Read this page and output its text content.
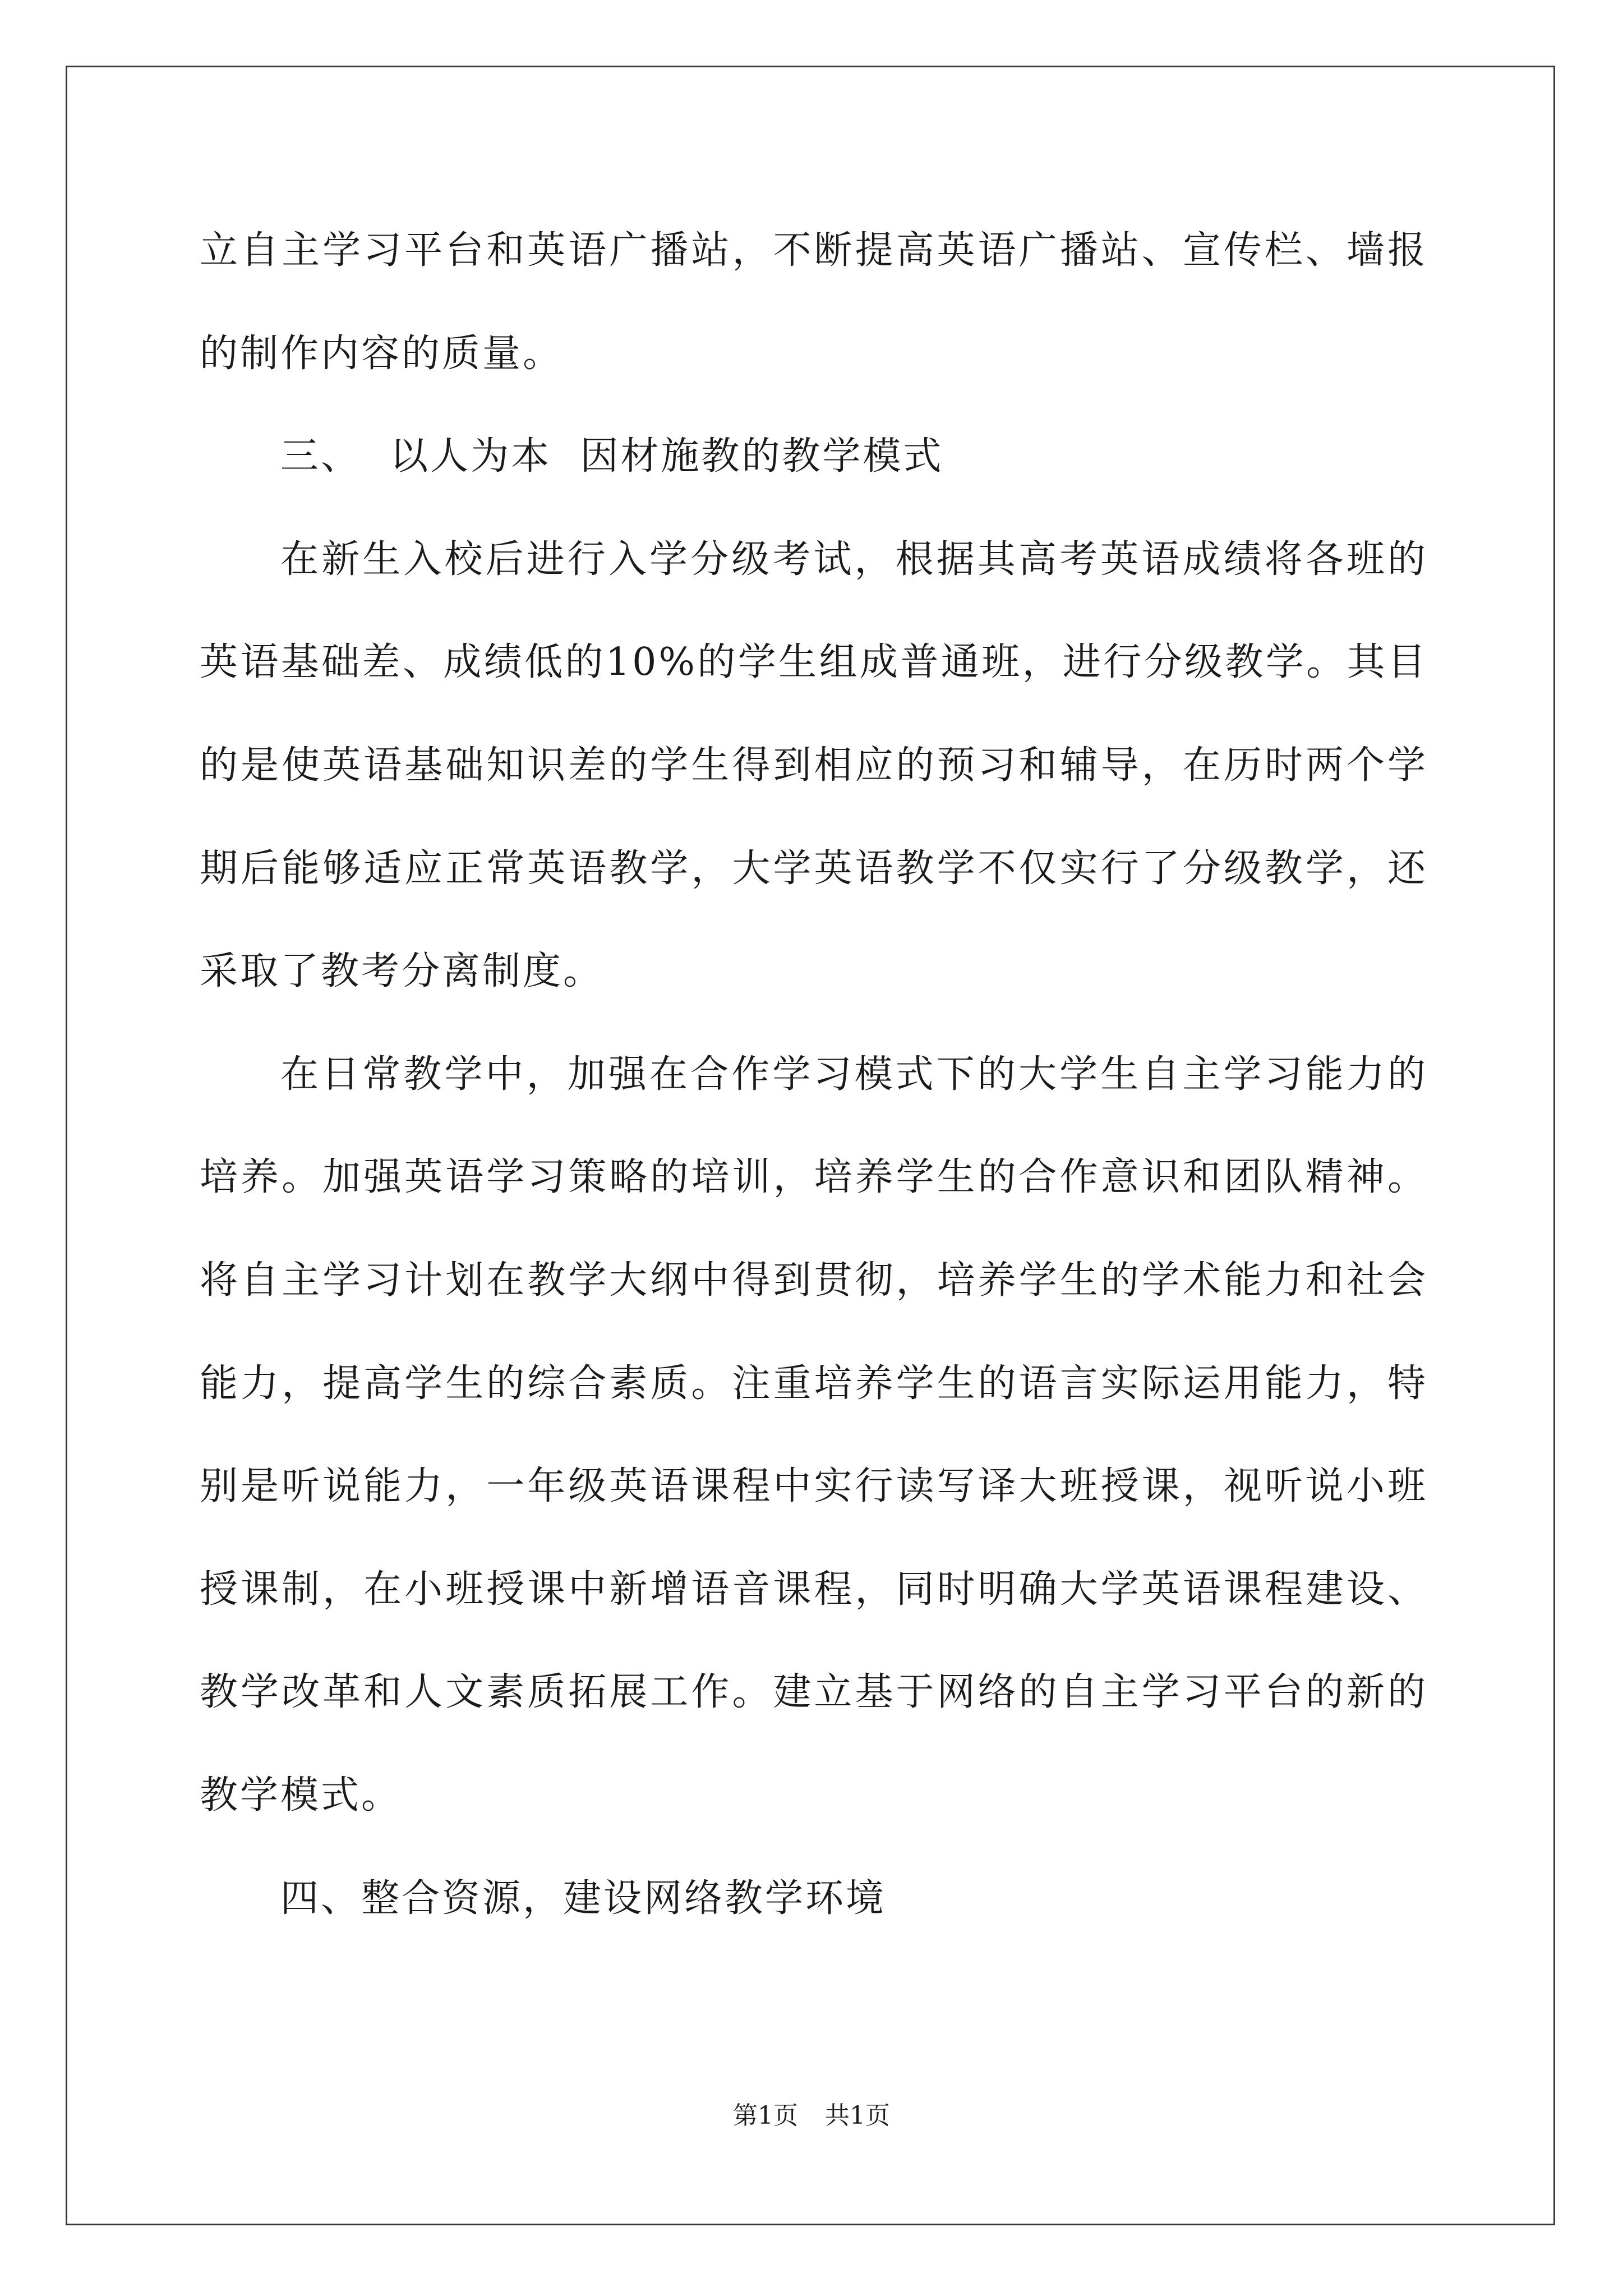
立自主学习平台和英语广播站，不断提高英语广播站、宣传栏、墙报的制作内容的质量。

三、  以人为本  因材施教的教学模式

在新生入校后进行入学分级考试，根据其高考英语成绩将各班的英语基础差、成绩低的10%的学生组成普通班，进行分级教学。其目的是使英语基础知识差的学生得到相应的预习和辅导，在历时两个学期后能够适应正常英语教学，大学英语教学不仅实行了分级教学，还采取了教考分离制度。

在日常教学中，加强在合作学习模式下的大学生自主学习能力的培养。加强英语学习策略的培训，培养学生的合作意识和团队精神。将自主学习计划在教学大纲中得到贯彻，培养学生的学术能力和社会能力，提高学生的综合素质。注重培养学生的语言实际运用能力，特别是听说能力，一年级英语课程中实行读写译大班授课，视听说小班授课制，在小班授课中新增语音课程，同时明确大学英语课程建设、教学改革和人文素质拓展工作。建立基于网络的自主学习平台的新的教学模式。

四、整合资源，建设网络教学环境

第1页 共1页
